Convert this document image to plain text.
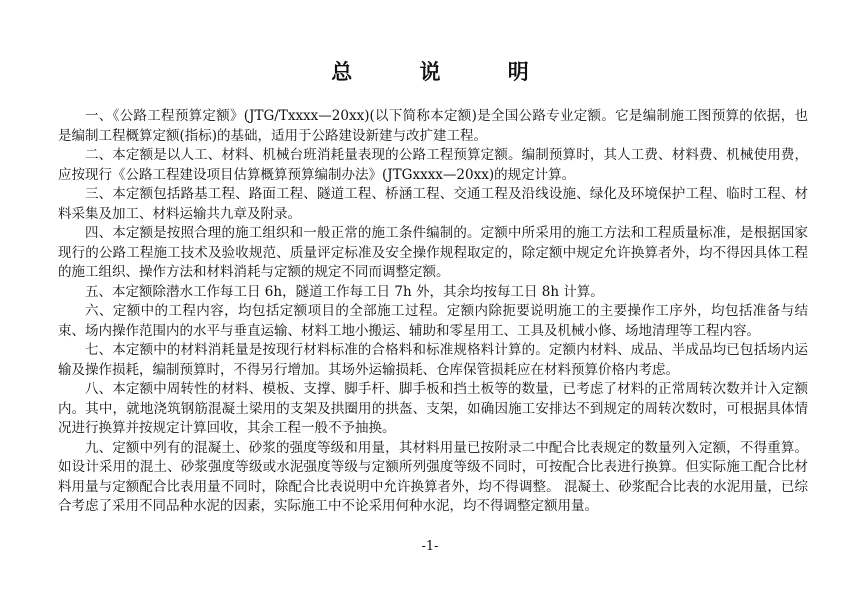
总 说 明

一、《公路工程预算定额》(JTG/Txxxx—20xx)(以下简称本定额)是全国公路专业定额。它是编制施工图预算的依据，也是编制工程概算定额(指标)的基础，适用于公路建设新建与改扩建工程。

二、本定额是以人工、材料、机械台班消耗量表现的公路工程预算定额。编制预算时，其人工费、材料费、机械使用费，应按现行《公路工程建设项目估算概算预算编制办法》(JTGxxxx—20xx)的规定计算。

三、本定额包括路基工程、路面工程、隧道工程、桥涵工程、交通工程及沿线设施、绿化及环境保护工程、临时工程、材料采集及加工、材料运输共九章及附录。

四、本定额是按照合理的施工组织和一般正常的施工条件编制的。定额中所采用的施工方法和工程质量标准，是根据国家现行的公路工程施工技术及验收规范、质量评定标准及安全操作规程取定的，除定额中规定允许换算者外，均不得因具体工程的施工组织、操作方法和材料消耗与定额的规定不同而调整定额。

五、本定额除潜水工作每工日 6h，隧道工作每工日 7h 外，其余均按每工日 8h 计算。

六、定额中的工程内容，均包括定额项目的全部施工过程。定额内除扼要说明施工的主要操作工序外，均包括准备与结束、场内操作范围内的水平与垂直运输、材料工地小搬运、辅助和零星用工、工具及机械小修、场地清理等工程内容。

七、本定额中的材料消耗量是按现行材料标准的合格料和标准规格料计算的。定额内材料、成品、半成品均已包括场内运输及操作损耗，编制预算时，不得另行增加。其场外运输损耗、仓库保管损耗应在材料预算价格内考虑。

八、本定额中周转性的材料、模板、支撑、脚手杆、脚手板和挡土板等的数量，已考虑了材料的正常周转次数并计入定额内。其中，就地浇筑钢筋混凝土梁用的支架及拱圈用的拱盔、支架，如确因施工安排达不到规定的周转次数时，可根据具体情况进行换算并按规定计算回收，其余工程一般不予抽换。

九、定额中列有的混凝土、砂浆的强度等级和用量，其材料用量已按附录二中配合比表规定的数量列入定额，不得重算。如设计采用的混土、砂浆强度等级或水泥强度等级与定额所列强度等级不同时，可按配合比表进行换算。但实际施工配合比材料用量与定额配合比表用量不同时，除配合比表说明中允许换算者外，均不得调整。 混凝土、砂浆配合比表的水泥用量，已综合考虑了采用不同品种水泥的因素，实际施工中不论采用何种水泥，均不得调整定额用量。

-1-
